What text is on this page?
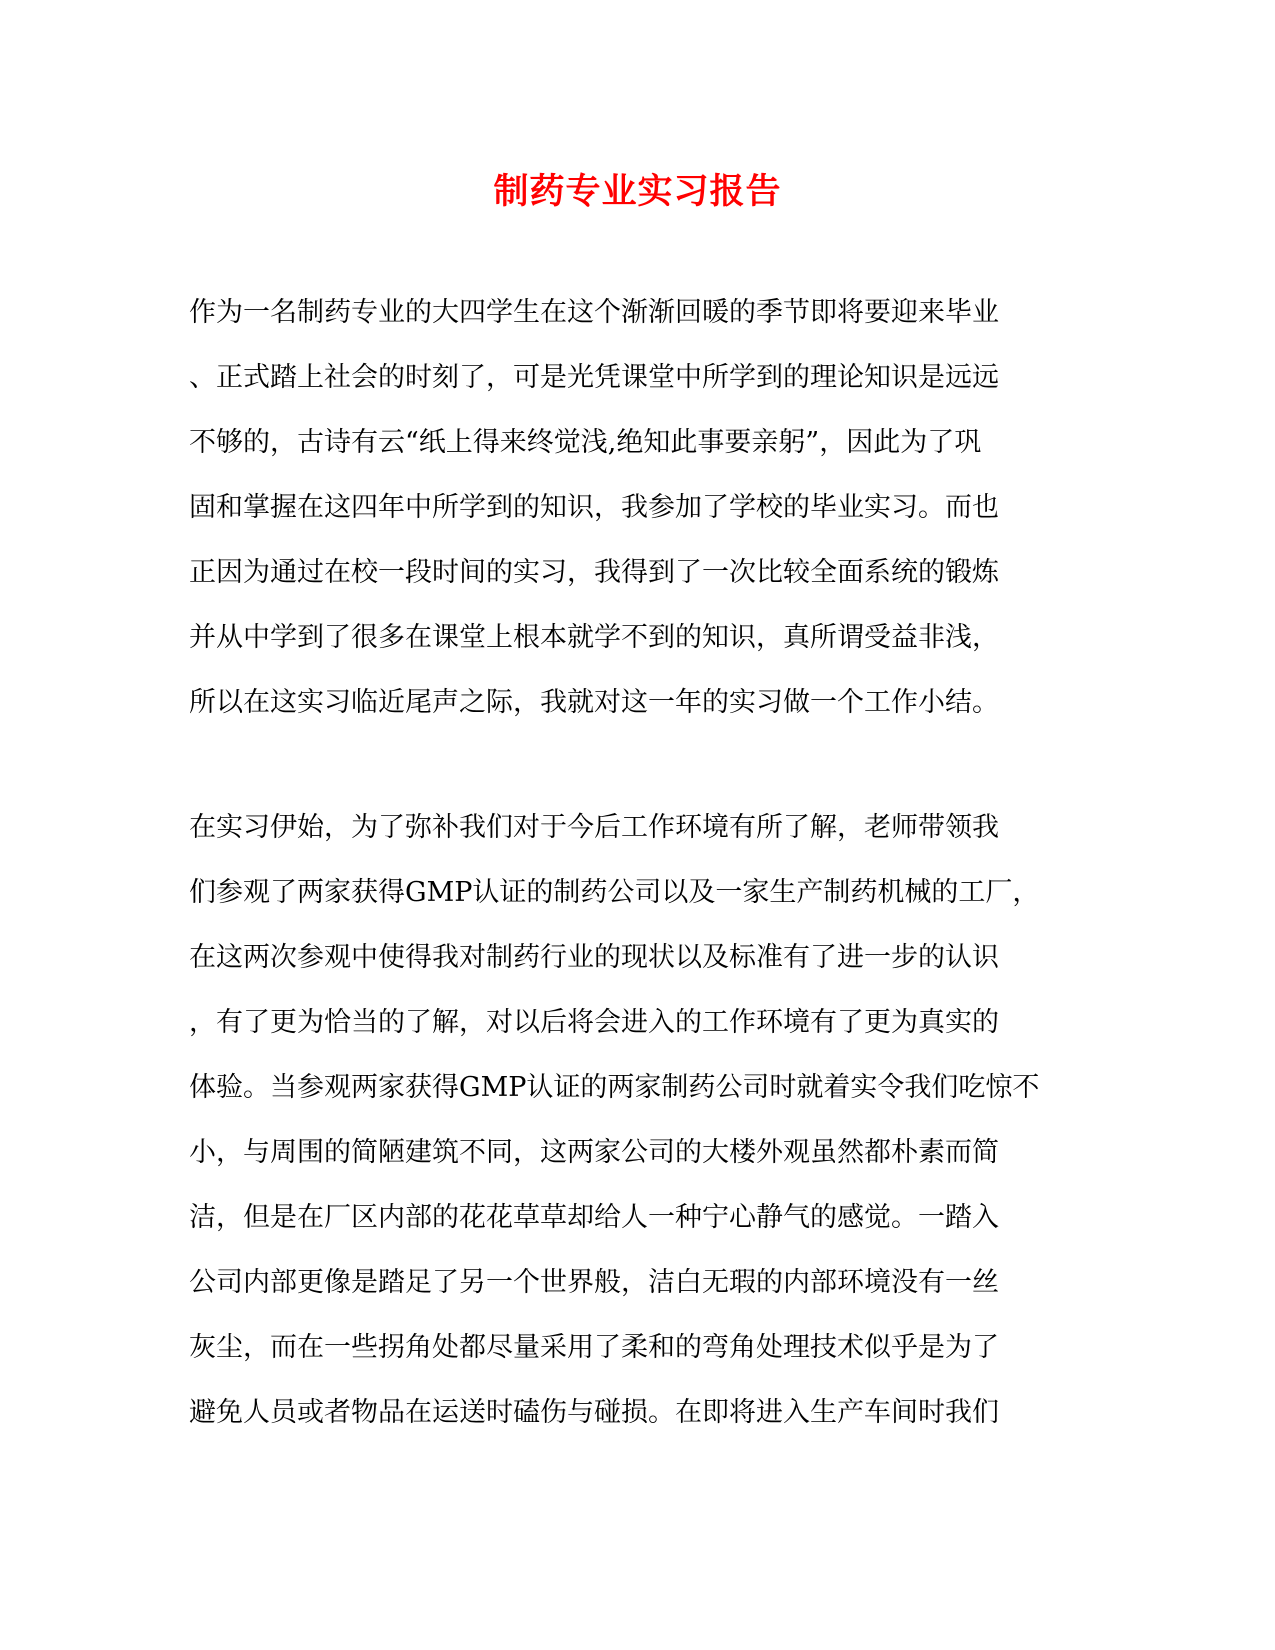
制药专业实习报告
作为一名制药专业的大四学生在这个渐渐回暖的季节即将要迎来毕业
、正式踏上社会的时刻了，可是光凭课堂中所学到的理论知识是远远
不够的，古诗有云“纸上得来终觉浅,绝知此事要亲躬”，因此为了巩
固和掌握在这四年中所学到的知识，我参加了学校的毕业实习。而也
正因为通过在校一段时间的实习，我得到了一次比较全面系统的锻炼
并从中学到了很多在课堂上根本就学不到的知识，真所谓受益非浅，
所以在这实习临近尾声之际，我就对这一年的实习做一个工作小结。
在实习伊始，为了弥补我们对于今后工作环境有所了解，老师带领我
们参观了两家获得GMP认证的制药公司以及一家生产制药机械的工厂，
在这两次参观中使得我对制药行业的现状以及标准有了进一步的认识
，有了更为恰当的了解，对以后将会进入的工作环境有了更为真实的
体验。当参观两家获得GMP认证的两家制药公司时就着实令我们吃惊不
小，与周围的简陋建筑不同，这两家公司的大楼外观虽然都朴素而简
洁，但是在厂区内部的花花草草却给人一种宁心静气的感觉。一踏入
公司内部更像是踏足了另一个世界般，洁白无瑕的内部环境没有一丝
灰尘，而在一些拐角处都尽量采用了柔和的弯角处理技术似乎是为了
避免人员或者物品在运送时磕伤与碰损。在即将进入生产车间时我们
